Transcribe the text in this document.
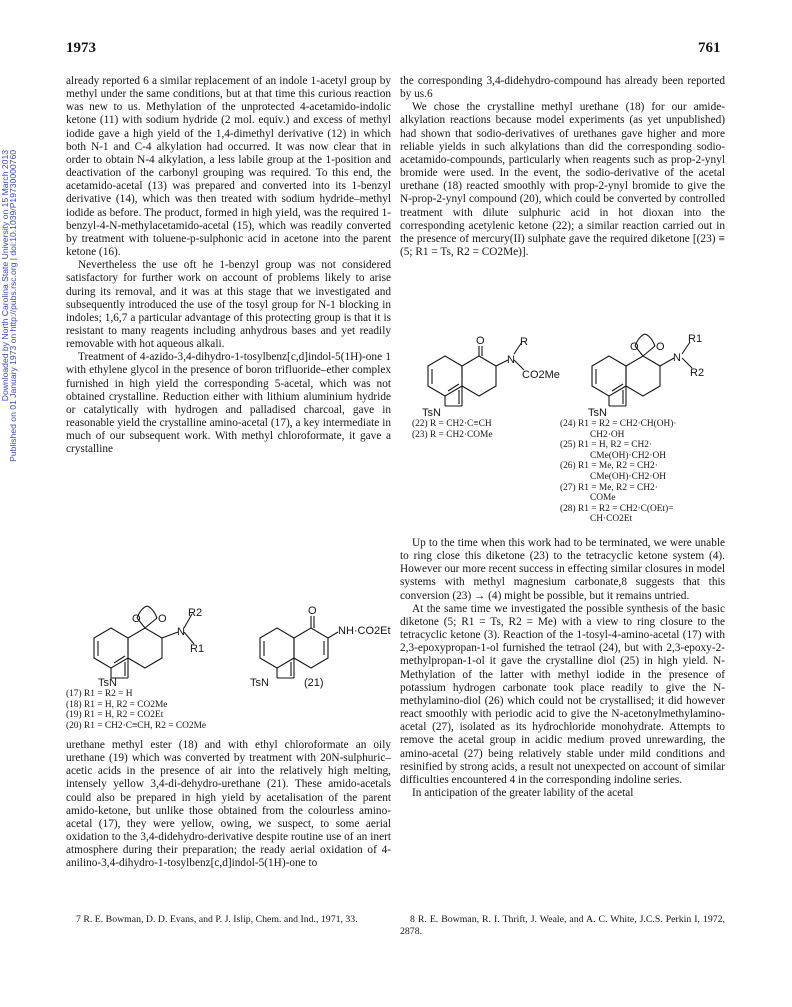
1973	761
Downloaded by North Carolina State University on 15 March 2013
Published on 01 January 1973 on http://pubs.rsc.org | doi:10.1039/P19730000760

already reported 6 a similar replacement of an indole 1-acetyl group by methyl under the same conditions, but at that time this curious reaction was new to us. Methylation of the unprotected 4-acetamido-indolic ketone (11) with sodium hydride (2 mol. equiv.) and excess of methyl iodide gave a high yield of the 1,4-dimethyl derivative (12) in which both N-1 and C-4 alkylation had occurred. It was now clear that in order to obtain N-4 alkylation, a less labile group at the 1-position and deactivation of the carbonyl grouping was required. To this end, the acetamido-acetal (13) was prepared and converted into its 1-benzyl derivative (14), which was then treated with sodium hydride–methyl iodide as before. The product, formed in high yield, was the required 1-benzyl-4-N-methylacetamido-acetal (15), which was readily converted by treatment with toluene-p-sulphonic acid in acetone into the parent ketone (16).

Nevertheless the use oft he 1-benzyl group was not considered satisfactory for further work on account of problems likely to arise during its removal, and it was at this stage that we investigated and subsequently introduced the use of the tosyl group for N-1 blocking in indoles; 1,6,7 a particular advantage of this protecting group is that it is resistant to many reagents including anhydrous bases and yet readily removable with hot aqueous alkali.

Treatment of 4-azido-3,4-dihydro-1-tosylbenz[c,d]indol-5(1H)-one 1 with ethylene glycol in the presence of boron trifluoride–ether complex furnished in high yield the corresponding 5-acetal, which was not obtained crystalline. Reduction either with lithium aluminium hydride or catalytically with hydrogen and palladised charcoal, gave in reasonable yield the crystalline amino-acetal (17), a key intermediate in much of our subsequent work. With methyl chloroformate, it gave a crystalline

TsN
O O
N
R2
R1
O
NH·CO2Et
TsN	(21)
(17) R1 = R2 = H
(18) R1 = H, R2 = CO2Me
(19) R1 = H, R2 = CO2Et
(20) R1 = CH2·C≡CH, R2 = CO2Me

urethane methyl ester (18) and with ethyl chloroformate an oily urethane (19) which was converted by treatment with 20N-sulphuric–acetic acids in the presence of air into the relatively high melting, intensely yellow 3,4-di-dehydro-urethane (21). These amido-acetals could also be prepared in high yield by acetalisation of the parent amido-ketone, but unlike those obtained from the colourless amino-acetal (17), they were yellow, owing, we suspect, to some aerial oxidation to the 3,4-didehydro-derivative despite routine use of an inert atmosphere during their preparation; the ready aerial oxidation of 4-anilino-3,4-dihydro-1-tosylbenz[c,d]indol-5(1H)-one to

7 R. E. Bowman, D. D. Evans, and P. J. Islip, Chem. and Ind., 1971, 33.

the corresponding 3,4-didehydro-compound has already been reported by us.6

We chose the crystalline methyl urethane (18) for our amide-alkylation reactions because model experiments (as yet unpublished) had shown that sodio-derivatives of urethanes gave higher and more reliable yields in such alkylations than did the corresponding sodio-acetamido-compounds, particularly when reagents such as prop-2-ynyl bromide were used. In the event, the sodio-derivative of the acetal urethane (18) reacted smoothly with prop-2-ynyl bromide to give the N-prop-2-ynyl compound (20), which could be converted by controlled treatment with dilute sulphuric acid in hot dioxan into the corresponding acetylenic ketone (22); a similar reaction carried out in the presence of mercury(II) sulphate gave the required diketone [(23) ≡ (5; R1 = Ts, R2 = CO2Me)].

O
N
R
CO2Me
TsN
O O
N
R1
R2
TsN
(22) R = CH2·C≡CH
(23) R = CH2·COMe
(24) R1 = R2 = CH2·CH(OH)·
CH2·OH
(25) R1 = H, R2 = CH2·
CMe(OH)·CH2·OH
(26) R1 = Me, R2 = CH2·
CMe(OH)·CH2·OH
(27) R1 = Me, R2 = CH2·
COMe
(28) R1 = R2 = CH2·C(OEt)=
CH·CO2Et

Up to the time when this work had to be terminated, we were unable to ring close this diketone (23) to the tetracyclic ketone system (4). However our more recent success in effecting similar closures in model systems with methyl magnesium carbonate,8 suggests that this conversion (23) → (4) might be possible, but it remains untried.

At the same time we investigated the possible synthesis of the basic diketone (5; R1 = Ts, R2 = Me) with a view to ring closure to the tetracyclic ketone (3). Reaction of the 1-tosyl-4-amino-acetal (17) with 2,3-epoxypropan-1-ol furnished the tetraol (24), but with 2,3-epoxy-2-methylpropan-1-ol it gave the crystalline diol (25) in high yield. N-Methylation of the latter with methyl iodide in the presence of potassium hydrogen carbonate took place readily to give the N-methylamino-diol (26) which could not be crystallised; it did however react smoothly with periodic acid to give the N-acetonylmethylamino-acetal (27), isolated as its hydrochloride monohydrate. Attempts to remove the acetal group in acidic medium proved unrewarding, the amino-acetal (27) being relatively stable under mild conditions and resinified by strong acids, a result not unexpected on account of similar difficulties encountered 4 in the corresponding indoline series.

In anticipation of the greater lability of the acetal

8 R. E. Bowman, R. I. Thrift, J. Weale, and A. C. White, J.C.S. Perkin I, 1972, 2878.
